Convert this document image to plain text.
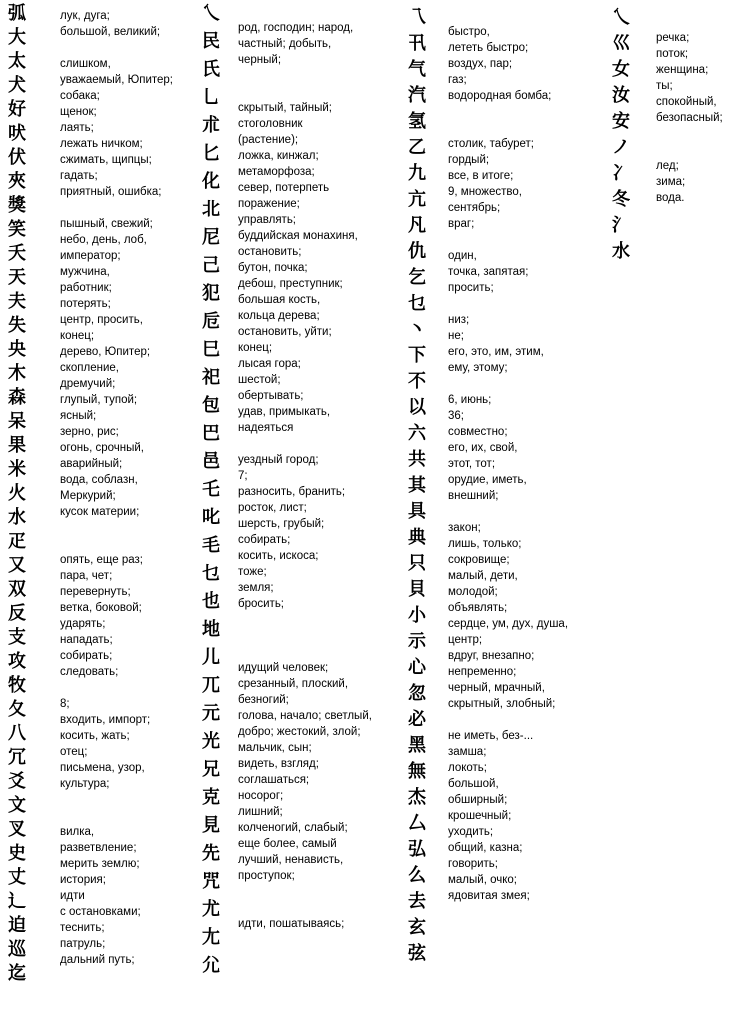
弧
大
太
犬
好
吠
伏
夾
獎
笑
夭
天
夫
失
央
木
森
呆
果
米
火
水
疋
又
双
反
支
攻
牧
夂
八
冗
爻
文
叉
史
丈
辶
迫
巡
迄
лук, дуга;
большой, великий;
слишком,
уважаемый, Юпитер;
собака;
щенок;
лаять;
лежать ничком;
сжимать, щипцы;
гадать;
приятный, ошибка;
пышный, свежий;
небо, день, лоб,
император;
мужчина,
работник;
потерять;
центр, просить,
конец;
дерево, Юпитер;
скопление,
дремучий;
глупый, тупой;
ясный;
зерно, рис;
огонь, срочный,
аварийный;
вода, соблазн,
Меркурий;
кусок материи;
опять, еще раз;
пара, чет;
перевернуть;
ветка, боковой;
ударять;
нападать;
собирать;
следовать;
8;
входить, импорт;
косить, жать;
отец;
письмена, узор,
культура;
вилка,
разветвление;
мерить землю;
история;
идти
с остановками;
теснить;
патруль;
дальний путь;
乀
民
氏
乚
朮
匕
化
北
尼
己
犯
卮
巳
祀
包
巴
邑
乇
叱
毛
乜
也
地
儿
兀
元
光
兄
克
見
先
咒
尤
尢
尣
род, господин; народ,
частный; добыть,
черный;
скрытый, тайный;
стоголовник
(растение);
ложка, кинжал;
метаморфоза;
север, потерпеть
поражение;
управлять;
буддийская монахиня,
остановить;
бутон, почка;
дебош, преступник;
большая кость,
кольца дерева;
остановить, уйти;
конец;
лысая гора;
шестой;
обертывать;
удав, примыкать,
надеяться
уездный город;
7;
разносить, бранить;
росток, лист;
шерсть, грубый;
собирать;
косить, искоса;
тоже;
земля;
бросить;
идущий человек;
срезанный, плоский,
безногий;
голова, начало; светлый,
добро; жестокий, злой;
мальчик, сын;
видеть, взгляд;
соглашаться;
носорог;
лишний;
колченогий, слабый;
еще более, самый
лучший, ненависть,
проступок;
идти, пошатываясь;
乁
卂
气
汽
氢
乙
九
亢
凡
仇
乞
乜
丶
下
不
以
六
共
其
具
典
只
貝
小
示
心
忽
必
黑
無
杰
厶
弘
么
去
玄
弦
быстро,
лететь быстро;
воздух, пар;
газ;
водородная бомба;
столик, табурет;
гордый;
все, в итоге;
9, множество,
сентябрь;
враг;
один,
точка, запятая;
просить;
низ;
не;
его, это, им, этим,
ему, этому;
6, июнь;
36;
совместно;
его, их, свой,
этот, тот;
орудие, иметь,
внешний;
закон;
лишь, только;
сокровище;
малый, дети,
молодой;
объявлять;
сердце, ум, дух, душа,
центр;
вдруг, внезапно;
непременно;
черный, мрачный,
скрытный, злобный;
не иметь, без-...
замша;
локоть;
большой,
обширный;
крошечный;
уходить;
общий, казна;
говорить;
малый, очко;
ядовитая змея;
乀
巛
女
汝
安
ノ
冫
冬
氵
水
речка;
поток;
женщина;
ты;
спокойный,
безопасный;
лед;
зима;
вода.
